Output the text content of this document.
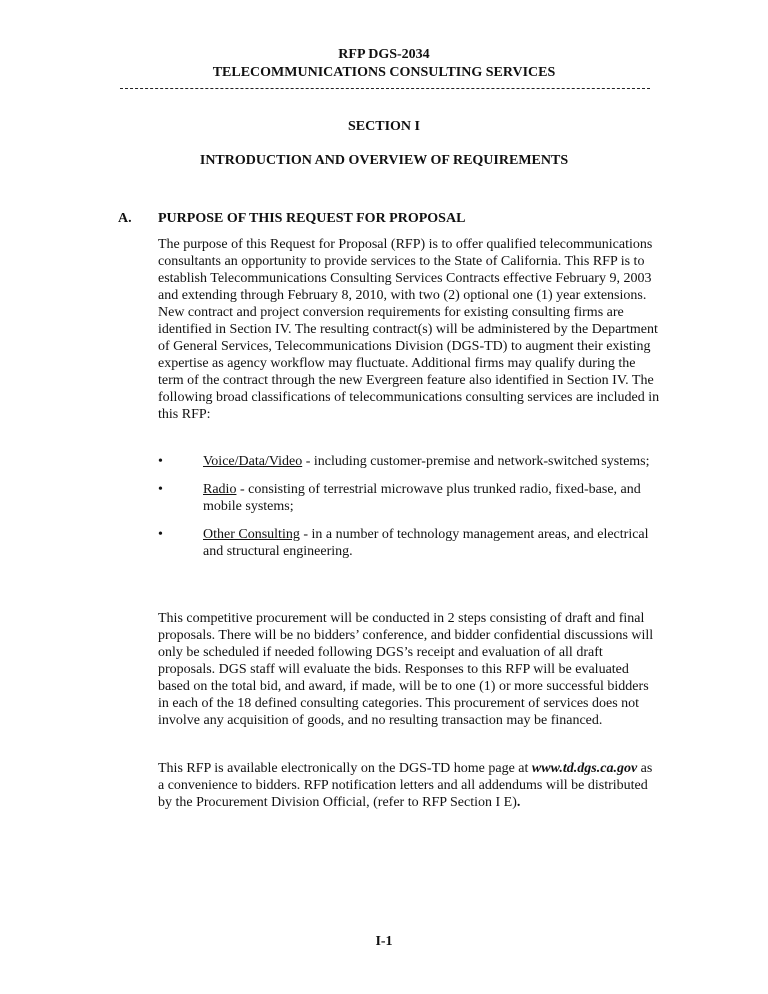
RFP DGS-2034
TELECOMMUNICATIONS CONSULTING SERVICES
SECTION I
INTRODUCTION AND OVERVIEW OF REQUIREMENTS
A. PURPOSE OF THIS REQUEST FOR PROPOSAL

The purpose of this Request for Proposal (RFP) is to offer qualified telecommunications consultants an opportunity to provide services to the State of California. This RFP is to establish Telecommunications Consulting Services Contracts effective February 9, 2003 and extending through February 8, 2010, with two (2) optional one (1) year extensions. New contract and project conversion requirements for existing consulting firms are identified in Section IV. The resulting contract(s) will be administered by the Department of General Services, Telecommunications Division (DGS-TD) to augment their existing expertise as agency workflow may fluctuate. Additional firms may qualify during the term of the contract through the new Evergreen feature also identified in Section IV. The following broad classifications of telecommunications consulting services are included in this RFP:

•	Voice/Data/Video - including customer-premise and network-switched systems;
•	Radio - consisting of terrestrial microwave plus trunked radio, fixed-base, and mobile systems;
•	Other Consulting - in a number of technology management areas, and electrical and structural engineering.

This competitive procurement will be conducted in 2 steps consisting of draft and final proposals. There will be no bidders’ conference, and bidder confidential discussions will only be scheduled if needed following DGS’s receipt and evaluation of all draft proposals. DGS staff will evaluate the bids. Responses to this RFP will be evaluated based on the total bid, and award, if made, will be to one (1) or more successful bidders in each of the 18 defined consulting categories. This procurement of services does not involve any acquisition of goods, and no resulting transaction may be financed.

This RFP is available electronically on the DGS-TD home page at www.td.dgs.ca.gov as a convenience to bidders. RFP notification letters and all addendums will be distributed by the Procurement Division Official, (refer to RFP Section I E).

I-1
